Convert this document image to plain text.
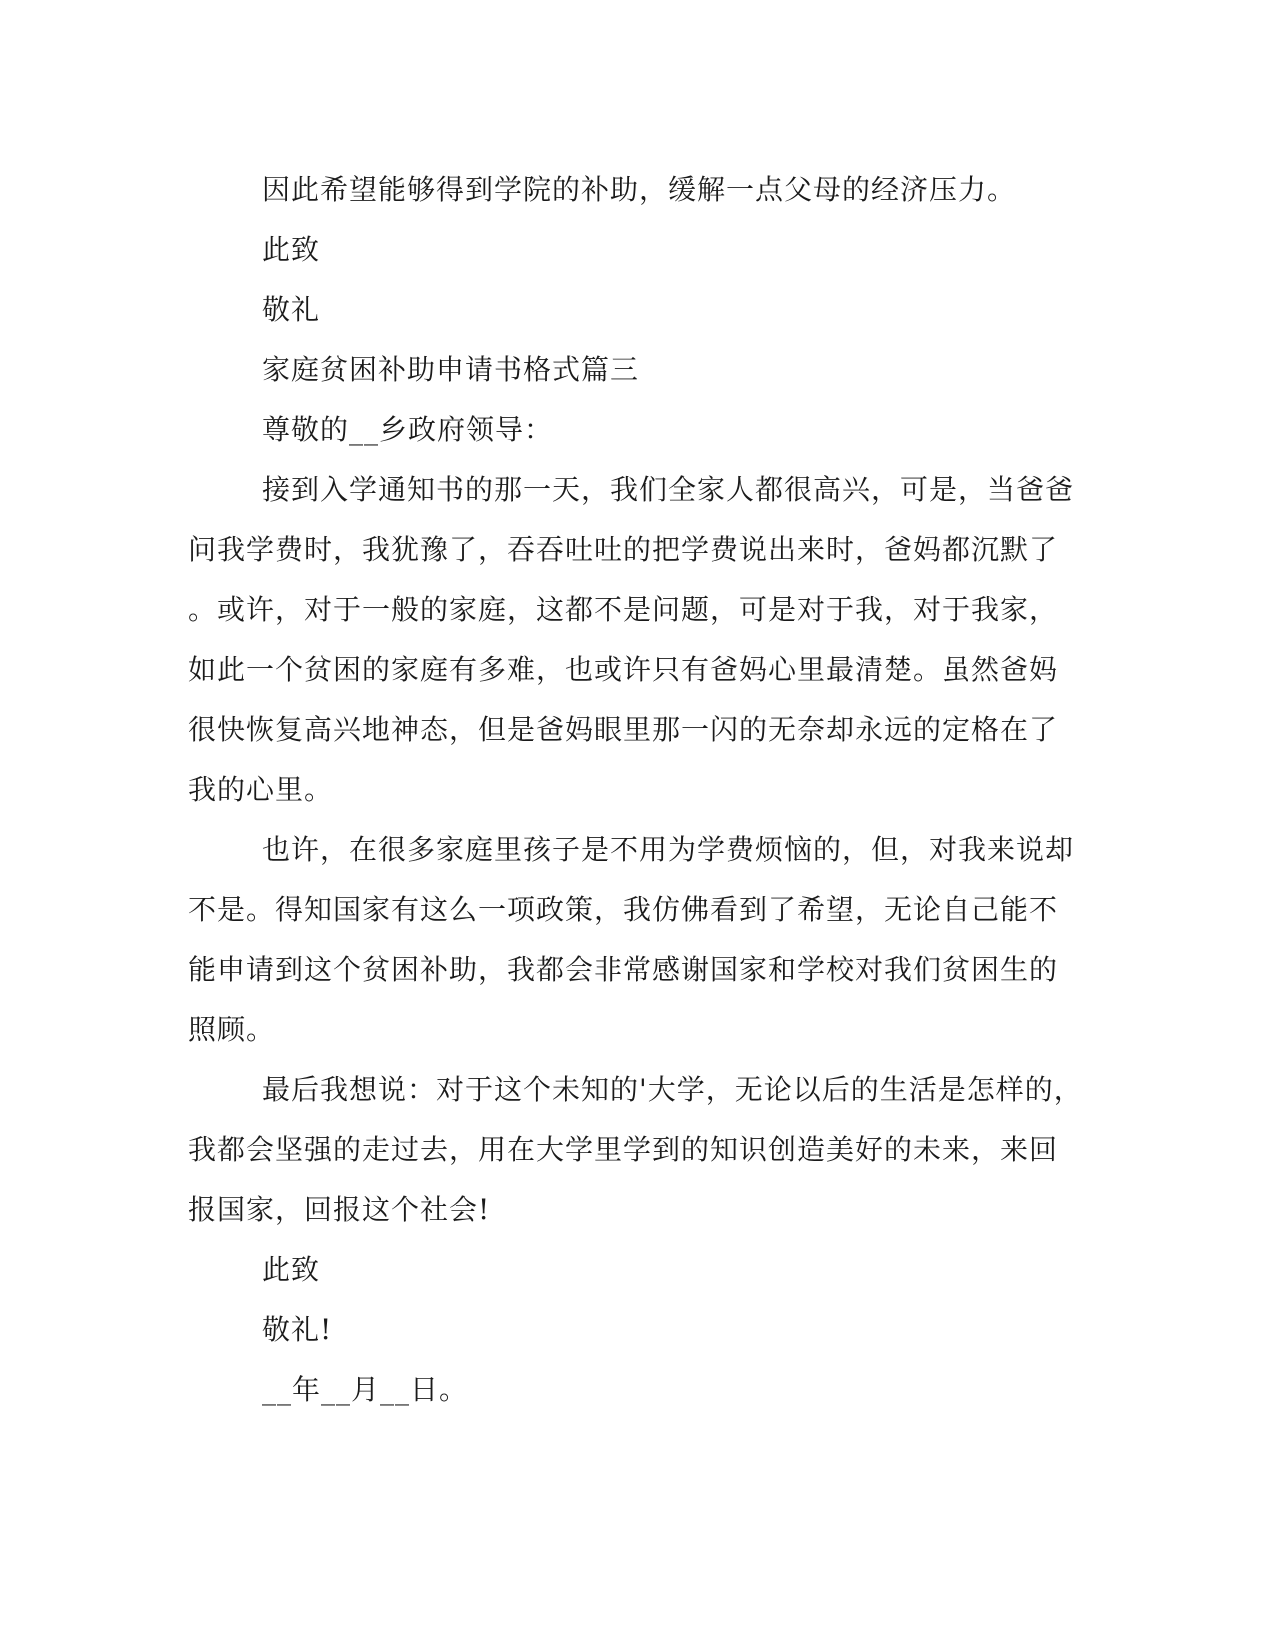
因此希望能够得到学院的补助，缓解一点父母的经济压力。
此致
敬礼
家庭贫困补助申请书格式篇三
尊敬的__乡政府领导：
接到入学通知书的那一天，我们全家人都很高兴，可是，当爸爸
问我学费时，我犹豫了，吞吞吐吐的把学费说出来时，爸妈都沉默了
。或许，对于一般的家庭，这都不是问题，可是对于我，对于我家，
如此一个贫困的家庭有多难，也或许只有爸妈心里最清楚。虽然爸妈
很快恢复高兴地神态，但是爸妈眼里那一闪的无奈却永远的定格在了
我的心里。
也许，在很多家庭里孩子是不用为学费烦恼的，但，对我来说却
不是。得知国家有这么一项政策，我仿佛看到了希望，无论自己能不
能申请到这个贫困补助，我都会非常感谢国家和学校对我们贫困生的
照顾。
最后我想说：对于这个未知的'大学，无论以后的生活是怎样的，
我都会坚强的走过去，用在大学里学到的知识创造美好的未来，来回
报国家，回报这个社会!
此致
敬礼!
__年__月__日。
